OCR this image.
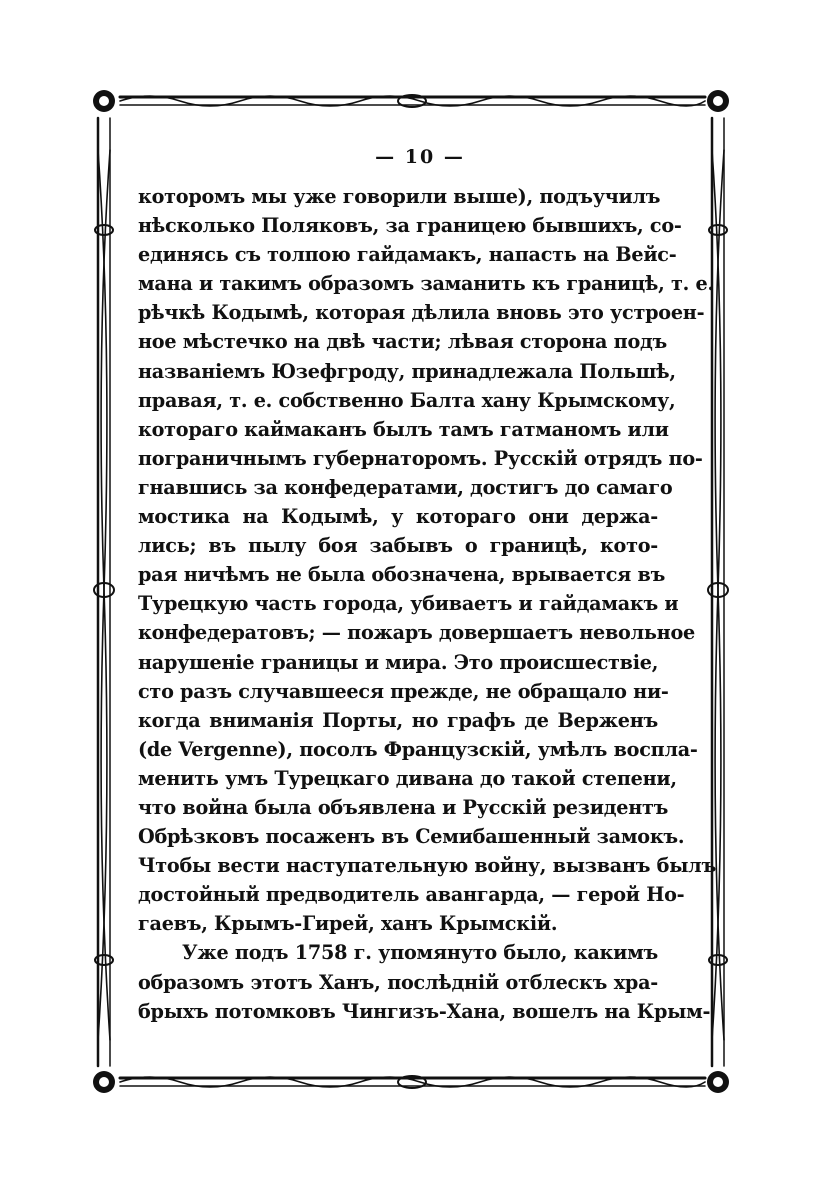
— 10 —
которомъ мы уже говорили выше), подъучилъ
нѣсколько Поляковъ, за границею бывшихъ, со-
единясь съ толпою гайдамакъ, напасть на Вейс-
мана и такимъ образомъ заманить къ границѣ, т. е.
рѣчкѣ Кодымѣ, которая дѣлила вновь это устроен-
ное мѣстечко на двѣ части; лѣвая сторона подъ
названіемъ Юзефгроду, принадлежала Польшѣ,
правая, т. е. собственно Балта хану Крымскому,
котораго каймаканъ былъ тамъ гатманомъ или
пограничнымъ губернаторомъ. Русскій отрядъ по-
гнавшись за конфедератами, достигъ до самаго
мостика на Кодымѣ, у котораго они держа-
лись; въ пылу боя забывъ о границѣ, кото-
рая ничѣмъ не была обозначена, врывается въ
Турецкую часть города, убиваетъ и гайдамакъ и
конфедератовъ; — пожаръ довершаетъ невольное
нарушеніе границы и мира. Это происшествіе,
сто разъ случавшееся прежде, не обращало ни-
когда вниманія Порты, но графъ де Верженъ
(de Vergenne), посолъ Французскій, умѣлъ воспла-
менить умъ Турецкаго дивана до такой степени,
что война была объявлена и Русскій резидентъ
Обрѣзковъ посаженъ въ Семибашенный замокъ.
Чтобы вести наступательную войну, вызванъ былъ
достойный предводитель авангарда, — герой Но-
гаевъ, Крымъ-Гирей, ханъ Крымскій.
Уже подъ 1758 г. упомянуто было, какимъ
образомъ этотъ Ханъ, послѣдній отблескъ хра-
брыхъ потомковъ Чингизъ-Хана, вошелъ на Крым-
